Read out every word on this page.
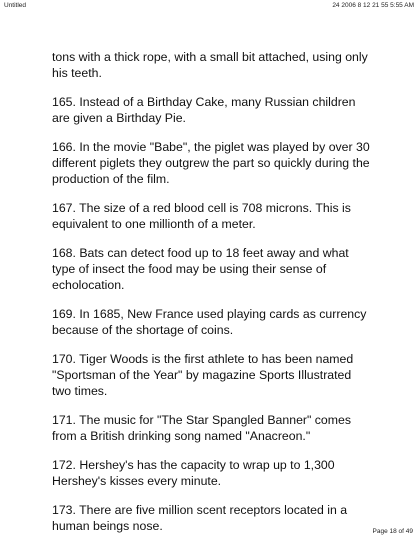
Untitled	24 2006 8 12 21 55 5:55 AM

tons with a thick rope, with a small bit attached, using only his teeth.

165. Instead of a Birthday Cake, many Russian children are given a Birthday Pie.

166. In the movie "Babe", the piglet was played by over 30 different piglets they outgrew the part so quickly during the production of the film.

167. The size of a red blood cell is 708 microns. This is equivalent to one millionth of a meter.

168. Bats can detect food up to 18 feet away and what type of insect the food may be using their sense of echolocation.

169. In 1685, New France used playing cards as currency because of the shortage of coins.

170. Tiger Woods is the first athlete to has been named "Sportsman of the Year" by magazine Sports Illustrated two times.

171. The music for "The Star Spangled Banner" comes from a British drinking song named "Anacreon."

172. Hershey's has the capacity to wrap up to 1,300 Hershey's kisses every minute.

173. There are five million scent receptors located in a human beings nose.	Page 18 of 49
